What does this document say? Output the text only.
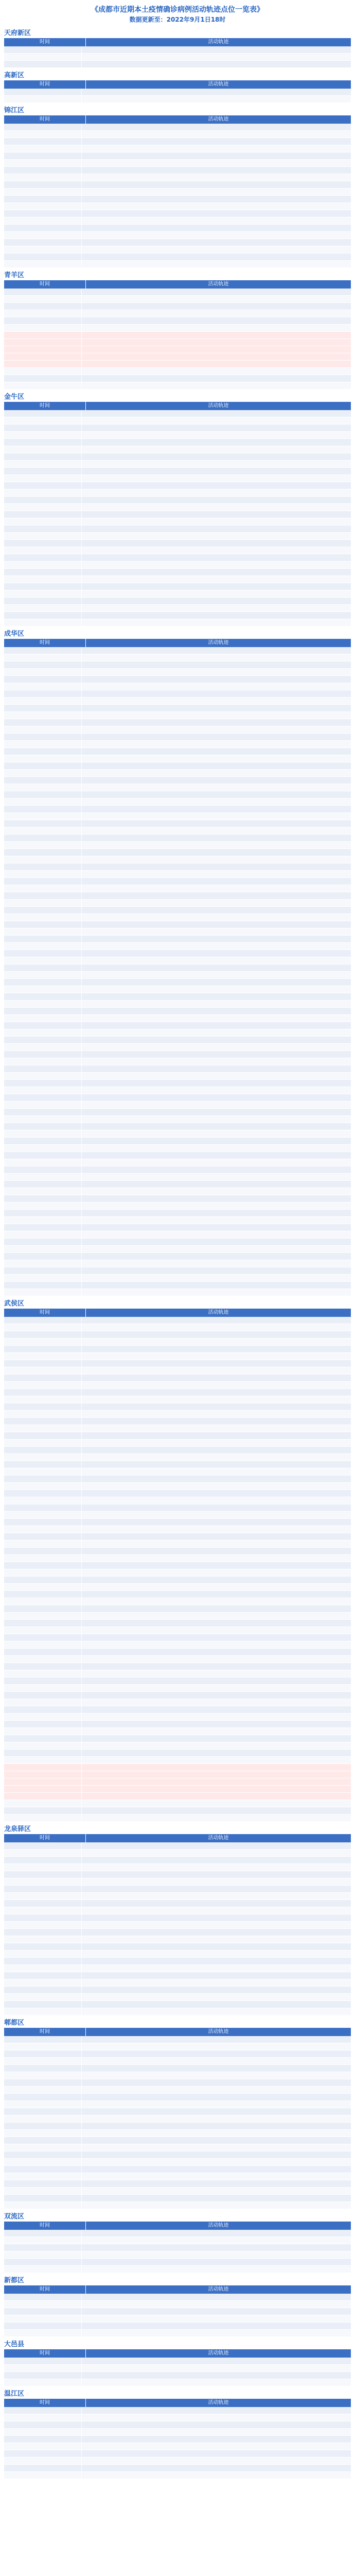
《成都市近期本土疫情确诊病例活动轨迹点位一览表》
数据更新至：2022年9月1日18时
天府新区
时间	活动轨迹
高新区
时间	活动轨迹
锦江区
时间	活动轨迹
青羊区
时间	活动轨迹
金牛区
时间	活动轨迹
成华区
时间	活动轨迹
武侯区
时间	活动轨迹
龙泉驿区
时间	活动轨迹
郫都区
时间	活动轨迹
双流区
时间	活动轨迹
新都区
时间	活动轨迹
大邑县
时间	活动轨迹
温江区
时间	活动轨迹
